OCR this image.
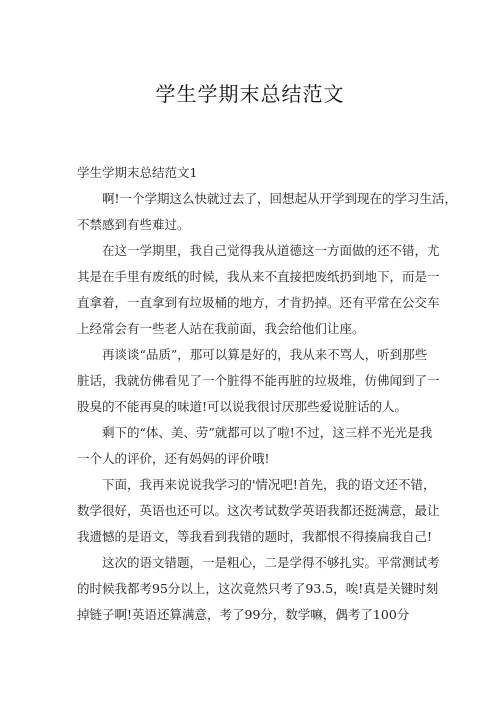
学生学期末总结范文
学生学期末总结范文1

啊!一个学期这么快就过去了，回想起从开学到现在的学习生活，
不禁感到有些难过。

在这一学期里，我自己觉得我从道德这一方面做的还不错，尤
其是在手里有废纸的时候，我从来不直接把废纸扔到地下，而是一
直拿着，一直拿到有垃圾桶的地方，才肯扔掉。还有平常在公交车
上经常会有一些老人站在我前面，我会给他们让座。

再谈谈“品质”，那可以算是好的，我从来不骂人，听到那些
脏话，我就仿佛看见了一个脏得不能再脏的垃圾堆，仿佛闻到了一
股臭的不能再臭的味道!可以说我很讨厌那些爱说脏话的人。

剩下的“体、美、劳”就都可以了啦!不过，这三样不光光是我
一个人的评价，还有妈妈的评价哦!

下面，我再来说说我学习的'情况吧!首先，我的语文还不错，
数学很好，英语也还可以。这次考试数学英语我都还挺满意，最让
我遗憾的是语文，等我看到我错的题时，我都恨不得揍扁我自己!

这次的语文错题，一是粗心，二是学得不够扎实。平常测试考
的时候我都考95分以上，这次竟然只考了93.5，唉!真是关键时刻
掉链子啊!英语还算满意，考了99分，数学嘛，偶考了100分
